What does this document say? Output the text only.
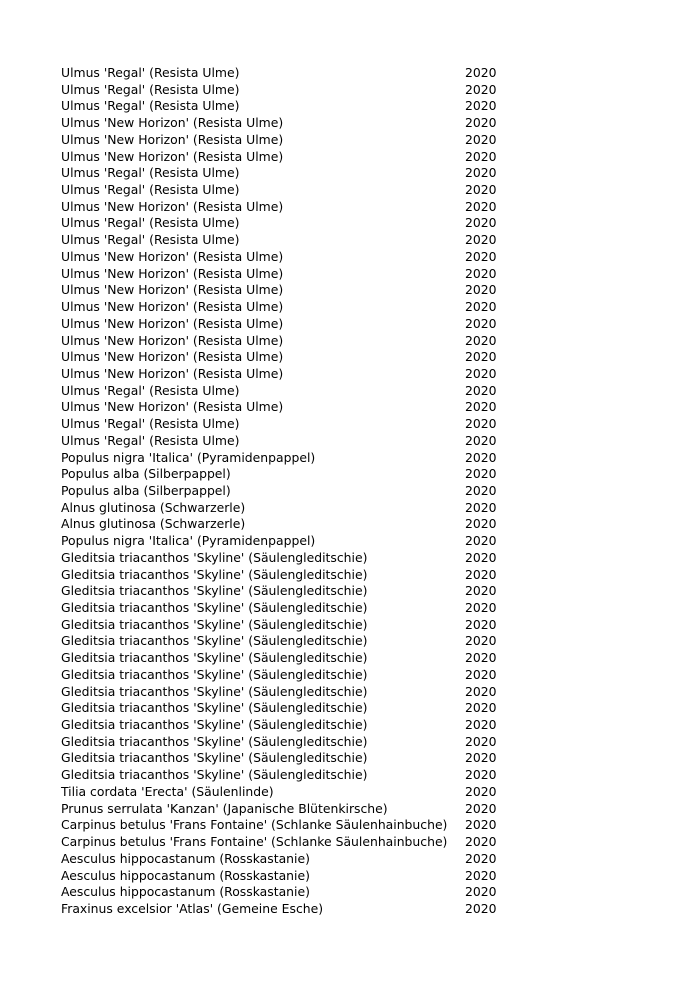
Ulmus 'Regal' (Resista Ulme)	2020
Ulmus 'Regal' (Resista Ulme)	2020
Ulmus 'Regal' (Resista Ulme)	2020
Ulmus 'New Horizon' (Resista Ulme)	2020
Ulmus 'New Horizon' (Resista Ulme)	2020
Ulmus 'New Horizon' (Resista Ulme)	2020
Ulmus 'Regal' (Resista Ulme)	2020
Ulmus 'Regal' (Resista Ulme)	2020
Ulmus 'New Horizon' (Resista Ulme)	2020
Ulmus 'Regal' (Resista Ulme)	2020
Ulmus 'Regal' (Resista Ulme)	2020
Ulmus 'New Horizon' (Resista Ulme)	2020
Ulmus 'New Horizon' (Resista Ulme)	2020
Ulmus 'New Horizon' (Resista Ulme)	2020
Ulmus 'New Horizon' (Resista Ulme)	2020
Ulmus 'New Horizon' (Resista Ulme)	2020
Ulmus 'New Horizon' (Resista Ulme)	2020
Ulmus 'New Horizon' (Resista Ulme)	2020
Ulmus 'New Horizon' (Resista Ulme)	2020
Ulmus 'Regal' (Resista Ulme)	2020
Ulmus 'New Horizon' (Resista Ulme)	2020
Ulmus 'Regal' (Resista Ulme)	2020
Ulmus 'Regal' (Resista Ulme)	2020
Populus nigra 'Italica' (Pyramidenpappel)	2020
Populus alba (Silberpappel)	2020
Populus alba (Silberpappel)	2020
Alnus glutinosa (Schwarzerle)	2020
Alnus glutinosa (Schwarzerle)	2020
Populus nigra 'Italica' (Pyramidenpappel)	2020
Gleditsia triacanthos 'Skyline' (Säulengleditschie)	2020
Gleditsia triacanthos 'Skyline' (Säulengleditschie)	2020
Gleditsia triacanthos 'Skyline' (Säulengleditschie)	2020
Gleditsia triacanthos 'Skyline' (Säulengleditschie)	2020
Gleditsia triacanthos 'Skyline' (Säulengleditschie)	2020
Gleditsia triacanthos 'Skyline' (Säulengleditschie)	2020
Gleditsia triacanthos 'Skyline' (Säulengleditschie)	2020
Gleditsia triacanthos 'Skyline' (Säulengleditschie)	2020
Gleditsia triacanthos 'Skyline' (Säulengleditschie)	2020
Gleditsia triacanthos 'Skyline' (Säulengleditschie)	2020
Gleditsia triacanthos 'Skyline' (Säulengleditschie)	2020
Gleditsia triacanthos 'Skyline' (Säulengleditschie)	2020
Gleditsia triacanthos 'Skyline' (Säulengleditschie)	2020
Gleditsia triacanthos 'Skyline' (Säulengleditschie)	2020
Tilia cordata 'Erecta' (Säulenlinde)	2020
Prunus serrulata 'Kanzan' (Japanische Blütenkirsche)	2020
Carpinus betulus 'Frans Fontaine' (Schlanke Säulenhainbuche) 2020
Carpinus betulus 'Frans Fontaine' (Schlanke Säulenhainbuche) 2020
Aesculus hippocastanum (Rosskastanie)	2020
Aesculus hippocastanum (Rosskastanie)	2020
Aesculus hippocastanum (Rosskastanie)	2020
Fraxinus excelsior 'Atlas' (Gemeine Esche)	2020
